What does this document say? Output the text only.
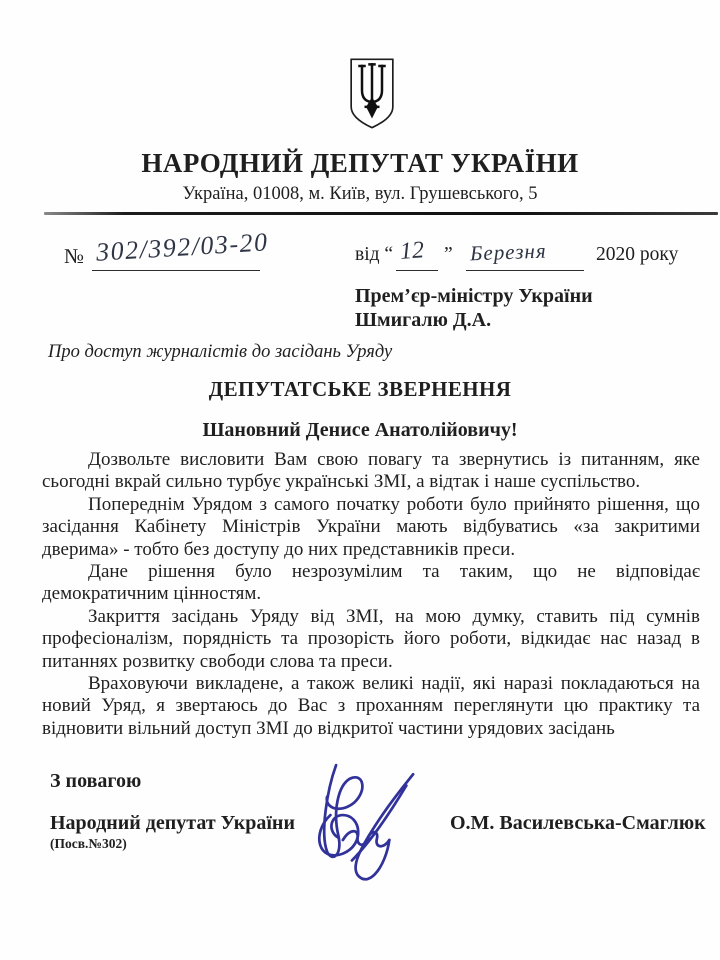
НАРОДНИЙ ДЕПУТАТ УКРАЇНИ
Україна, 01008, м. Київ, вул. Грушевського, 5
№ 302/392/03-20	від “ 12 ” Березня	2020 року
Прем’єр-міністру України
Шмигалю Д.А.
Про доступ журналістів до засідань Уряду
ДЕПУТАТСЬКЕ ЗВЕРНЕННЯ
Шановний Денисе Анатолійовичу!

Дозвольте висловити Вам свою повагу та звернутись із питанням, яке сьогодні вкрай сильно турбує українські ЗМІ, а відтак і наше суспільство.

Попереднім Урядом з самого початку роботи було прийнято рішення, що засідання Кабінету Міністрів України мають відбуватись «за закритими дверима» - тобто без доступу до них представників преси.

Дане рішення було незрозумілим та таким, що не відповідає демократичним цінностям.

Закриття засідань Уряду від ЗМІ, на мою думку, ставить під сумнів професіоналізм, порядність та прозорість його роботи, відкидає нас назад в питаннях розвитку свободи слова та преси.

Враховуючи викладене, а також великі надії, які наразі покладаються на новий Уряд, я звертаюсь до Вас з проханням переглянути цю практику та відновити вільний доступ ЗМІ до відкритої частини урядових засідань

З повагою
Народний депутат України
(Посв.№302)
О.М. Василевська-Смаглюк
